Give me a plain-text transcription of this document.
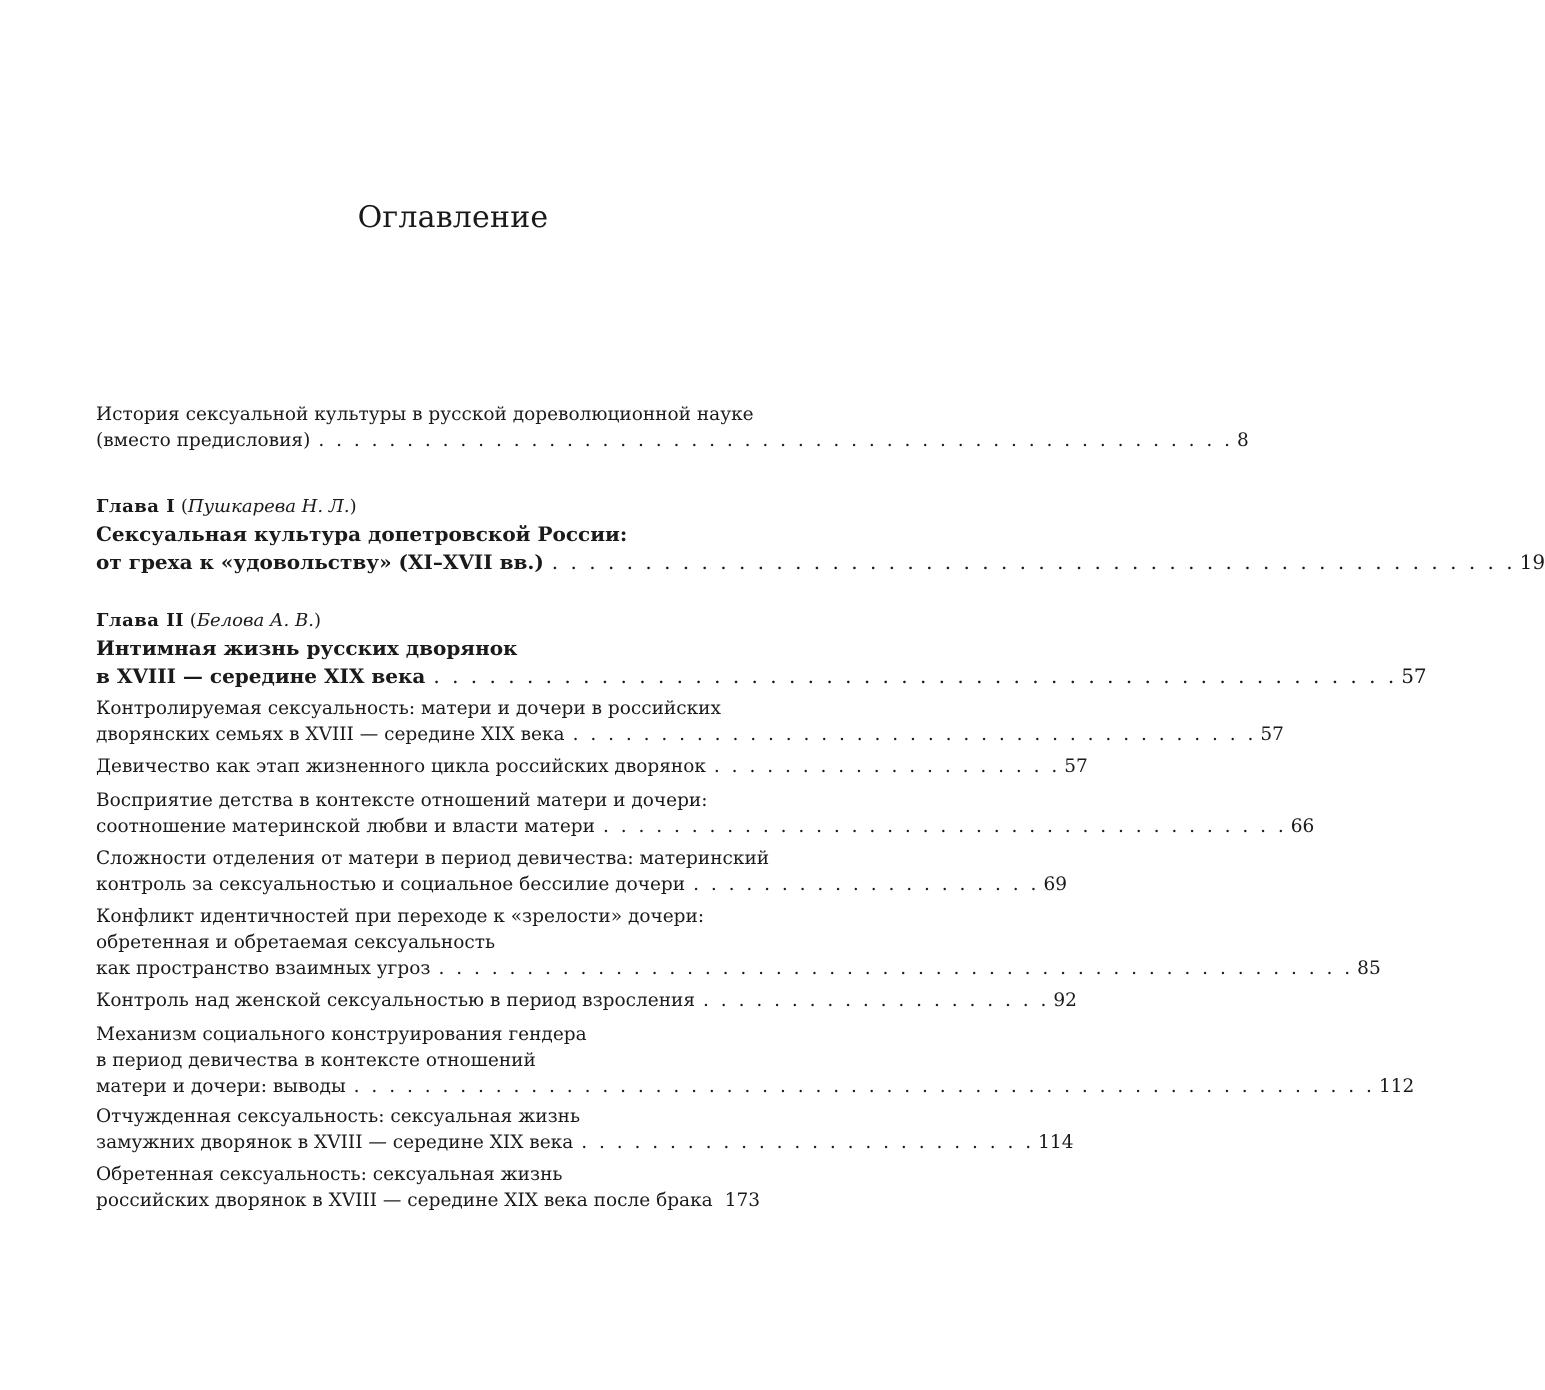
Оглавление
История сексуальной культуры в русской дореволюционной науке
(вместо предисловия) . . . . . . . . . . . . . . . . . . . . . . . . . . . . . . . . . . . . . . . . . . . . . . . . . . . . 8
Глава I (Пушкарева Н. Л.)
Сексуальная культура допетровской России:
от греха к «удовольству» (XI–XVII вв.) . . . . . . . . . . . . . . . . . . . . . . . . . . . . . . . . . . . . . . . . . . . . . . . . . . . . 19
Глава II (Белова А. В.)
Интимная жизнь русских дворянок
в XVIII — середине XIX века . . . . . . . . . . . . . . . . . . . . . . . . . . . . . . . . . . . . . . . . . . . . . . . . . . . . 57
Контролируемая сексуальность: матери и дочери в российских
дворянских семьях в XVIII — середине XIX века . . . . . . . . . . . . . . . . . . . . . . . . . . . . . . . . . . . . . . . 57
Девичество как этап жизненного цикла российских дворянок . . . . . . . . . . . . . . . . . . . . 57
Восприятие детства в контексте отношений матери и дочери:
соотношение материнской любви и власти матери . . . . . . . . . . . . . . . . . . . . . . . . . . . . . . . . . . . . . . . 66
Сложности отделения от матери в период девичества: материнский
контроль за сексуальностью и социальное бессилие дочери . . . . . . . . . . . . . . . . . . . . 69
Конфликт идентичностей при переходе к «зрелости» дочери:
обретенная и обретаемая сексуальность
как пространство взаимных угроз . . . . . . . . . . . . . . . . . . . . . . . . . . . . . . . . . . . . . . . . . . . . . . . . . . . . 85
Контроль над женской сексуальностью в период взросления . . . . . . . . . . . . . . . . . . . . 92
Механизм социального конструирования гендера
в период девичества в контексте отношений
матери и дочери: выводы . . . . . . . . . . . . . . . . . . . . . . . . . . . . . . . . . . . . . . . . . . . . . . . . . . . . . . . . . . 112
Отчужденная сексуальность: сексуальная жизнь
замужних дворянок в XVIII — середине XIX века . . . . . . . . . . . . . . . . . . . . . . . . . . 114
Обретенная сексуальность: сексуальная жизнь
российских дворянок в XVIII — середине XIX века после брака 173
